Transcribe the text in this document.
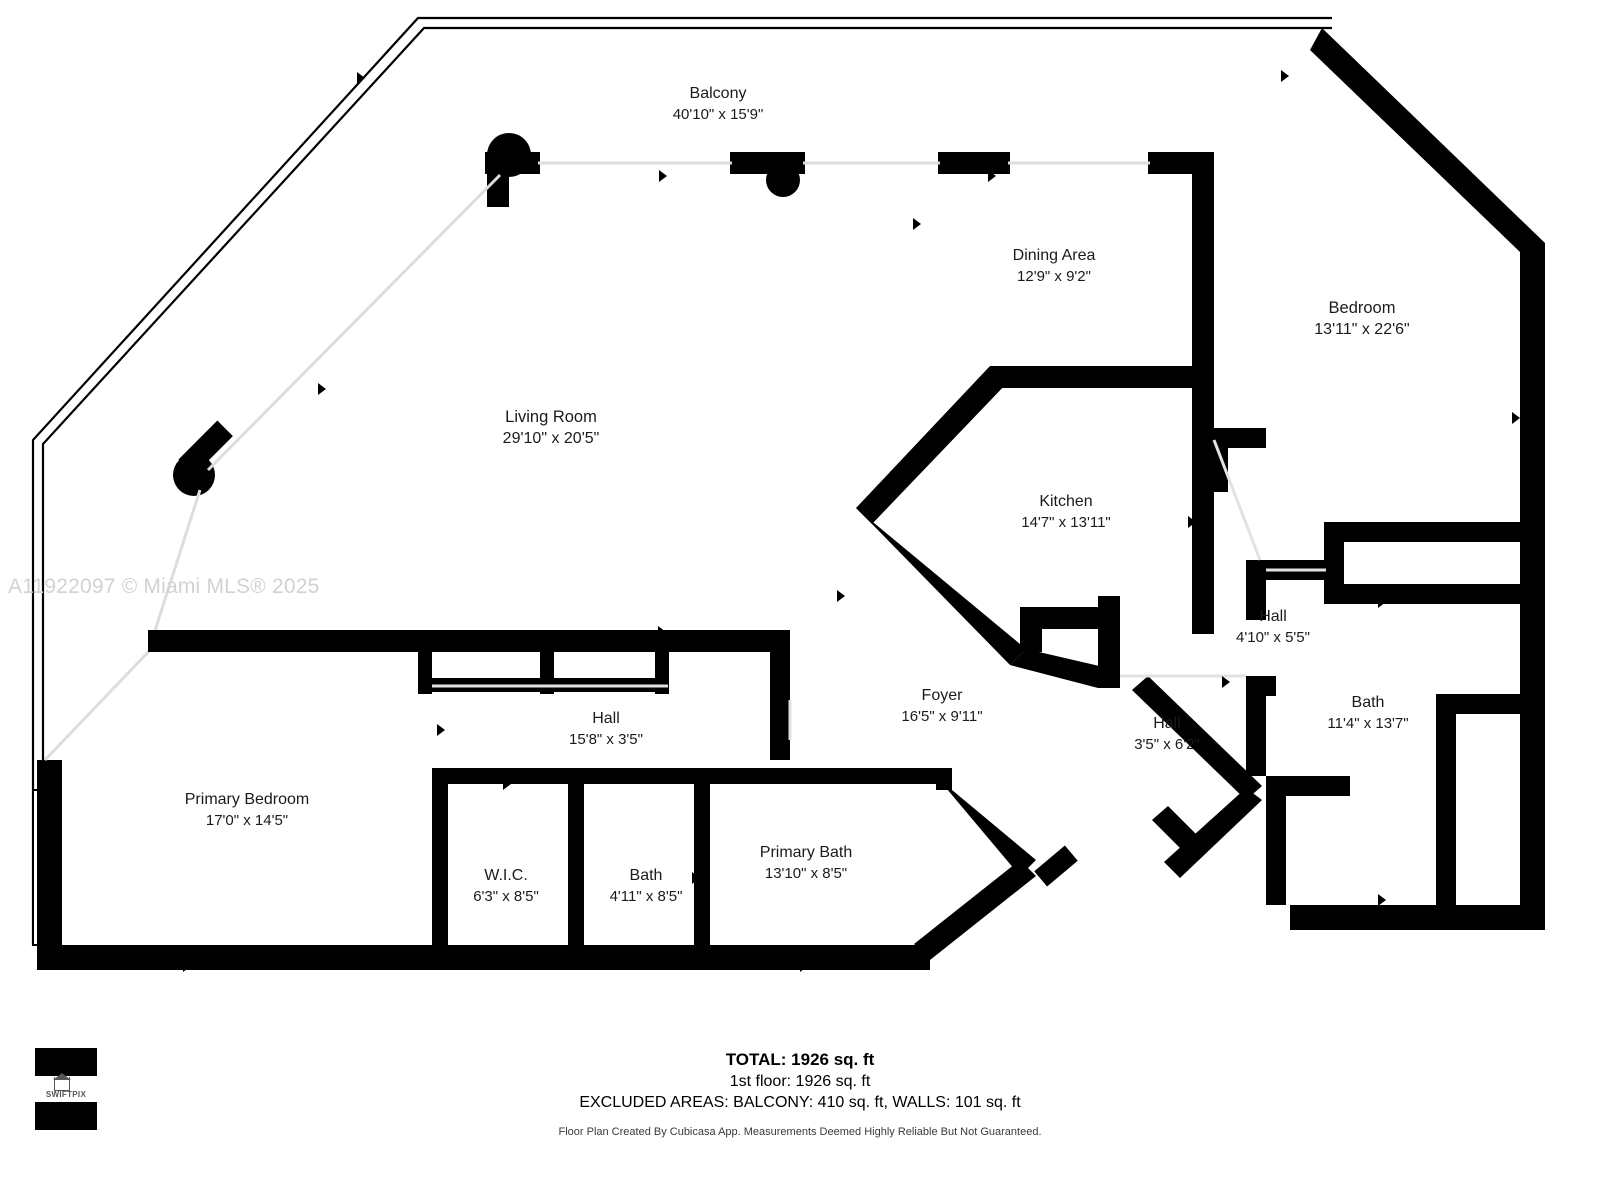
Balcony
40'10" x 15'9"
Dining Area
12'9" x 9'2"
Bedroom
13'11" x 22'6"
Living Room
29'10" x 20'5"
Kitchen
14'7" x 13'11"
Hall
4'10" x 5'5"
Foyer
16'5" x 9'11"
Hall
15'8" x 3'5"
Hall
3'5" x 6'2"
Bath
11'4" x 13'7"
Primary Bedroom
17'0" x 14'5"
Primary Bath
13'10" x 8'5"
W.I.C.
6'3" x 8'5"
Bath
4'11" x 8'5"
A11922097 © Miami MLS® 2025
TOTAL: 1926 sq. ft
1st floor: 1926 sq. ft
EXCLUDED AREAS: BALCONY: 410 sq. ft, WALLS: 101 sq. ft
Floor Plan Created By Cubicasa App. Measurements Deemed Highly Reliable But Not Guaranteed.
SWIFTPIX
